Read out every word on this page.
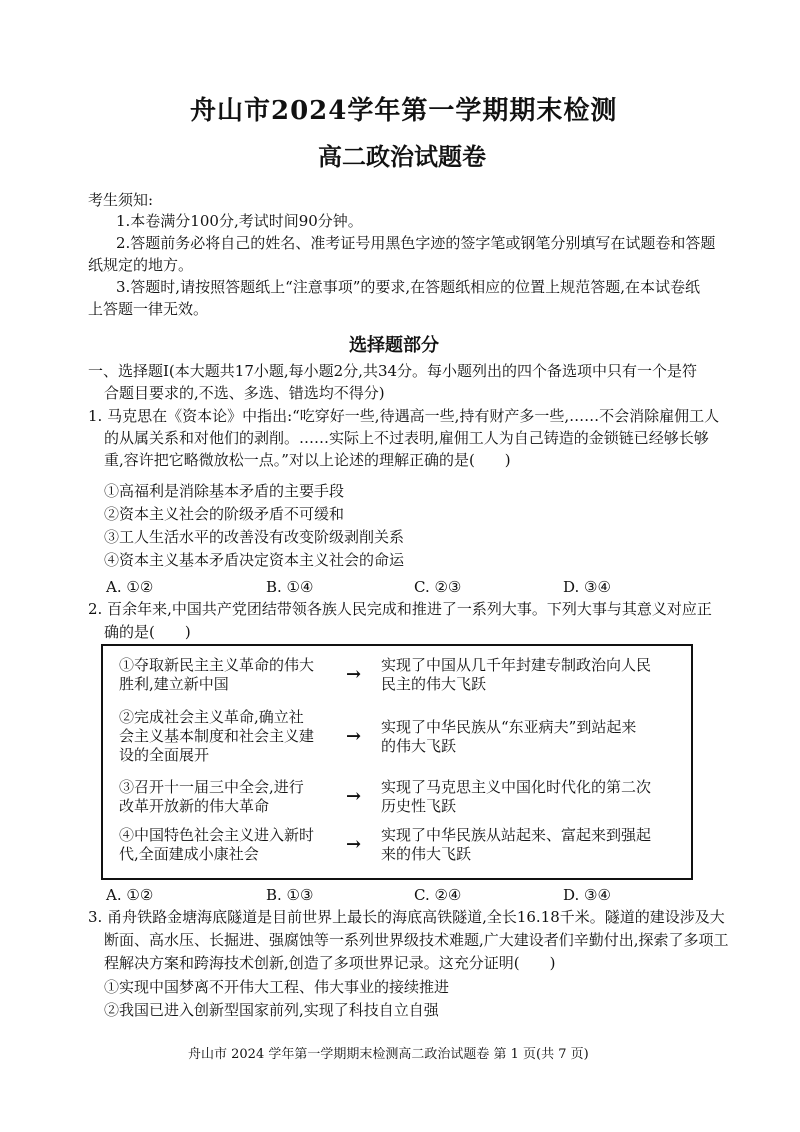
舟山市2024学年第一学期期末检测
高二政治试题卷
考生须知:
1.本卷满分100分,考试时间90分钟。
2.答题前务必将自己的姓名、准考证号用黑色字迹的签字笔或钢笔分别填写在试题卷和答题
纸规定的地方。
3.答题时,请按照答题纸上“注意事项”的要求,在答题纸相应的位置上规范答题,在本试卷纸
上答题一律无效。
选择题部分
一、选择题Ⅰ(本大题共17小题,每小题2分,共34分。每小题列出的四个备选项中只有一个是符
合题目要求的,不选、多选、错选均不得分)
1. 马克思在《资本论》中指出:“吃穿好一些,待遇高一些,持有财产多一些,……不会消除雇佣工人
的从属关系和对他们的剥削。……实际上不过表明,雇佣工人为自己铸造的金锁链已经够长够
重,容许把它略微放松一点。”对以上论述的理解正确的是(　　)
①高福利是消除基本矛盾的主要手段
②资本主义社会的阶级矛盾不可缓和
③工人生活水平的改善没有改变阶级剥削关系
④资本主义基本矛盾决定资本主义社会的命运
A. ①②	B. ①④	C. ②③	D. ③④
2. 百余年来,中国共产党团结带领各族人民完成和推进了一系列大事。下列大事与其意义对应正
确的是(　　)
①夺取新民主主义革命的伟大
胜利,建立新中国	→ 实现了中国从几千年封建专制政治向人民
民主的伟大飞跃
②完成社会主义革命,确立社
会主义基本制度和社会主义建
设的全面展开
→ 实现了中华民族从“东亚病夫”到站起来
的伟大飞跃
③召开十一届三中全会,进行
改革开放新的伟大革命	→ 实现了马克思主义中国化时代化的第二次
历史性飞跃
④中国特色社会主义进入新时
代,全面建成小康社会	→ 实现了中华民族从站起来、富起来到强起
来的伟大飞跃
A. ①②	B. ①③	C. ②④	D. ③④
3. 甬舟铁路金塘海底隧道是目前世界上最长的海底高铁隧道,全长16.18千米。隧道的建设涉及大
断面、高水压、长掘进、强腐蚀等一系列世界级技术难题,广大建设者们辛勤付出,探索了多项工
程解决方案和跨海技术创新,创造了多项世界记录。这充分证明(　　)
①实现中国梦离不开伟大工程、伟大事业的接续推进
②我国已进入创新型国家前列,实现了科技自立自强
舟山市 2024 学年第一学期期末检测高二政治试题卷 第 1 页(共 7 页)
